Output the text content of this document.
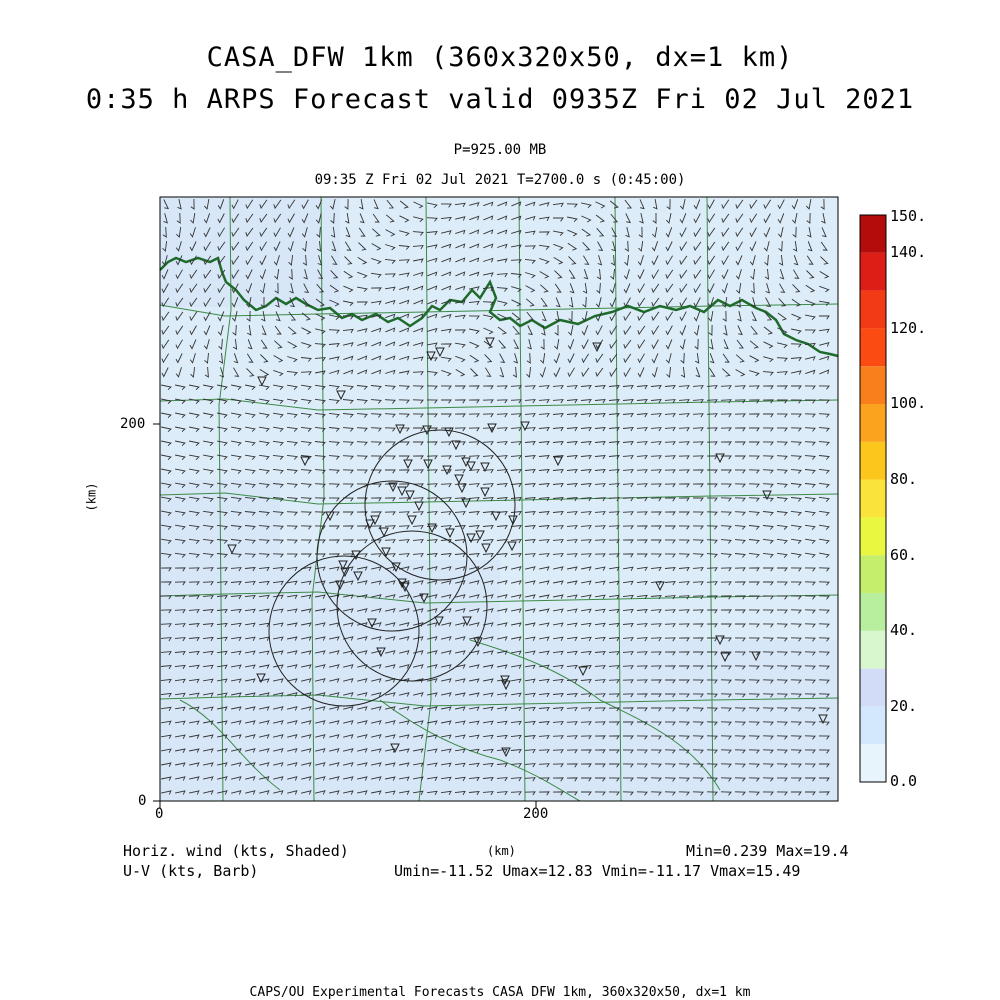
CASA_DFW 1km (360x320x50, dx=1 km)
0:35 h ARPS Forecast valid 0935Z Fri 02 Jul 2021
P=925.00 MB
09:35 Z Fri 02 Jul 2021 T=2700.0 s (0:45:00)
0	200
0
200
(km)
(km)
0.0
20.
40.
60.
80.
100.
120.
140.
150.
Horiz. wind (kts, Shaded)
U-V (kts, Barb)
Min=0.239 Max=19.4
Umin=-11.52 Umax=12.83 Vmin=-11.17 Vmax=15.49
CAPS/OU Experimental Forecasts CASA DFW 1km, 360x320x50, dx=1 km
